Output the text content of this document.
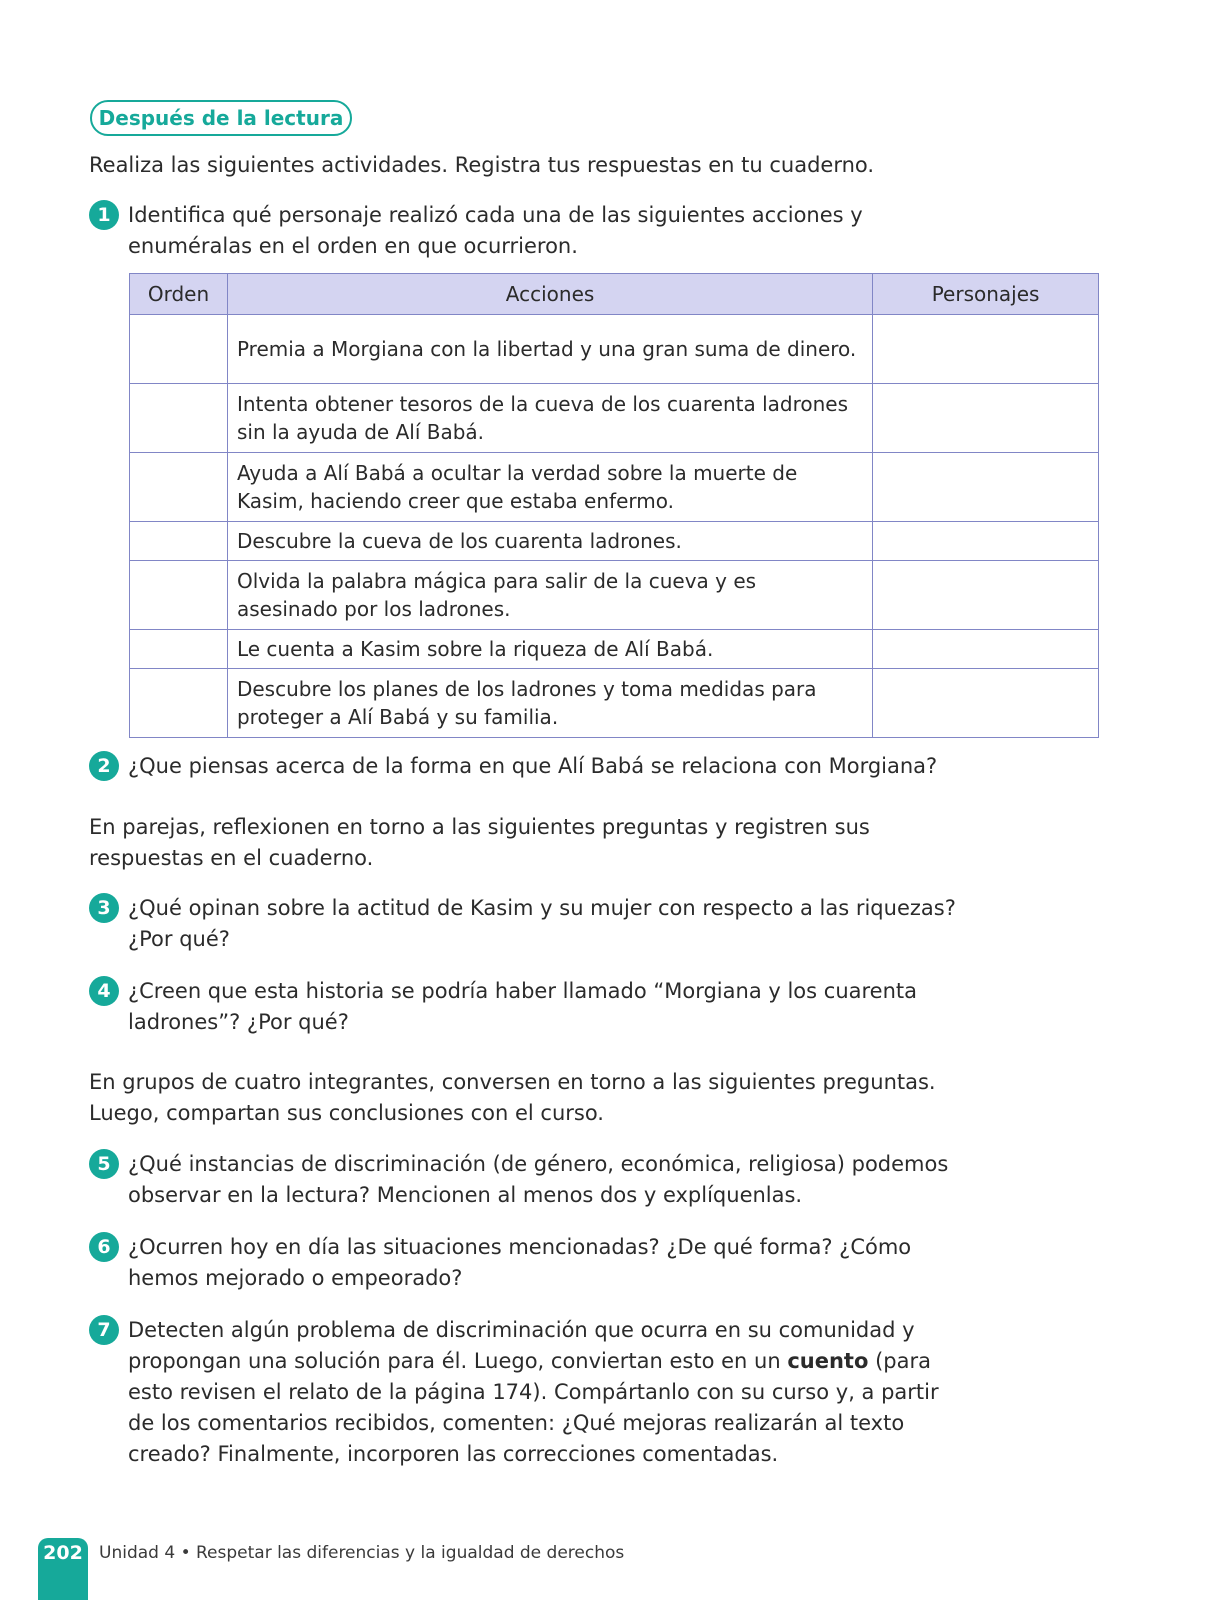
Después de la lectura
Realiza las siguientes actividades. Registra tus respuestas en tu cuaderno.
1 Identifica qué personaje realizó cada una de las siguientes acciones y enuméralas en el orden en que ocurrieron.
Orden	Acciones	Personajes
	Premia a Morgiana con la libertad y una gran suma de dinero.	
	Intenta obtener tesoros de la cueva de los cuarenta ladrones sin la ayuda de Alí Babá.	
	Ayuda a Alí Babá a ocultar la verdad sobre la muerte de Kasim, haciendo creer que estaba enfermo.	
	Descubre la cueva de los cuarenta ladrones.	
	Olvida la palabra mágica para salir de la cueva y es asesinado por los ladrones.	
	Le cuenta a Kasim sobre la riqueza de Alí Babá.	
	Descubre los planes de los ladrones y toma medidas para proteger a Alí Babá y su familia.	
2 ¿Que piensas acerca de la forma en que Alí Babá se relaciona con Morgiana?
En parejas, reflexionen en torno a las siguientes preguntas y registren sus respuestas en el cuaderno.
3 ¿Qué opinan sobre la actitud de Kasim y su mujer con respecto a las riquezas? ¿Por qué?
4 ¿Creen que esta historia se podría haber llamado “Morgiana y los cuarenta ladrones”? ¿Por qué?
En grupos de cuatro integrantes, conversen en torno a las siguientes preguntas. Luego, compartan sus conclusiones con el curso.
5 ¿Qué instancias de discriminación (de género, económica, religiosa) podemos observar en la lectura? Mencionen al menos dos y explíquenlas.
6 ¿Ocurren hoy en día las situaciones mencionadas? ¿De qué forma? ¿Cómo hemos mejorado o empeorado?
7 Detecten algún problema de discriminación que ocurra en su comunidad y propongan una solución para él. Luego, conviertan esto en un cuento (para esto revisen el relato de la página 174). Compártanlo con su curso y, a partir de los comentarios recibidos, comenten: ¿Qué mejoras realizarán al texto creado? Finalmente, incorporen las correcciones comentadas.
202 Unidad 4 • Respetar las diferencias y la igualdad de derechos
